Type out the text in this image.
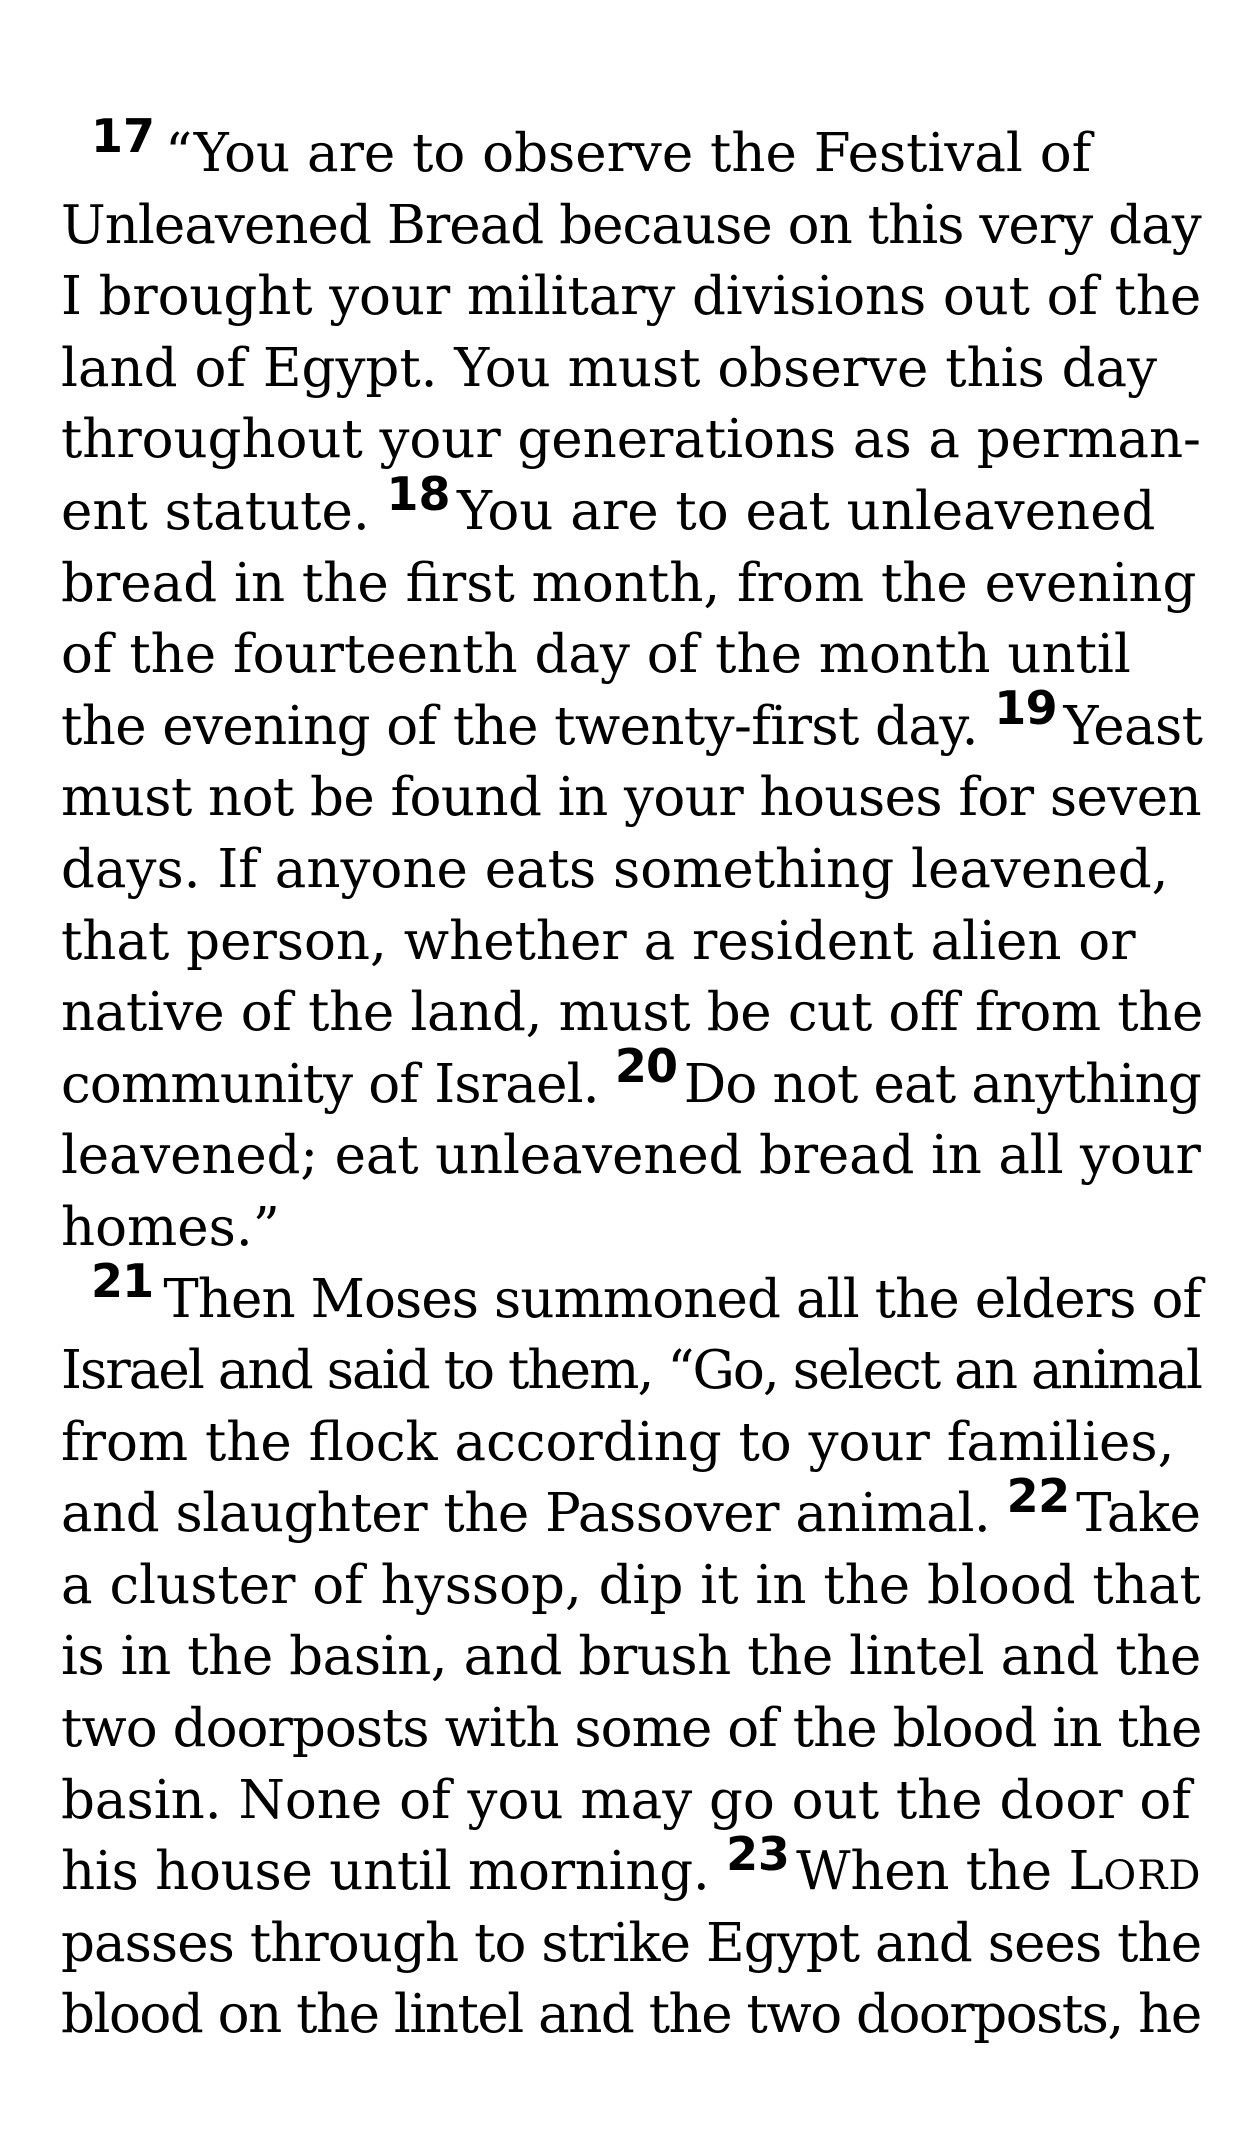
17 “You are to observe the Festival of
Unleavened Bread because on this very day
I brought your military divisions out of the
land of Egypt. You must observe this day
throughout your generations as a perman-
ent statute. 18 You are to eat unleavened
bread in the first month, from the evening
of the fourteenth day of the month until
the evening of the twenty-first day. 19 Yeast
must not be found in your houses for seven
days. If anyone eats something leavened,
that person, whether a resident alien or
native of the land, must be cut off from the
community of Israel. 20 Do not eat anything
leavened; eat unleavened bread in all your
homes.”
21 Then Moses summoned all the elders of
Israel and said to them, “Go, select an animal
from the flock according to your families,
and slaughter the Passover animal. 22 Take
a cluster of hyssop, dip it in the blood that
is in the basin, and brush the lintel and the
two doorposts with some of the blood in the
basin. None of you may go out the door of
his house until morning. 23 When the LORD
passes through to strike Egypt and sees the
blood on the lintel and the two doorposts, he
